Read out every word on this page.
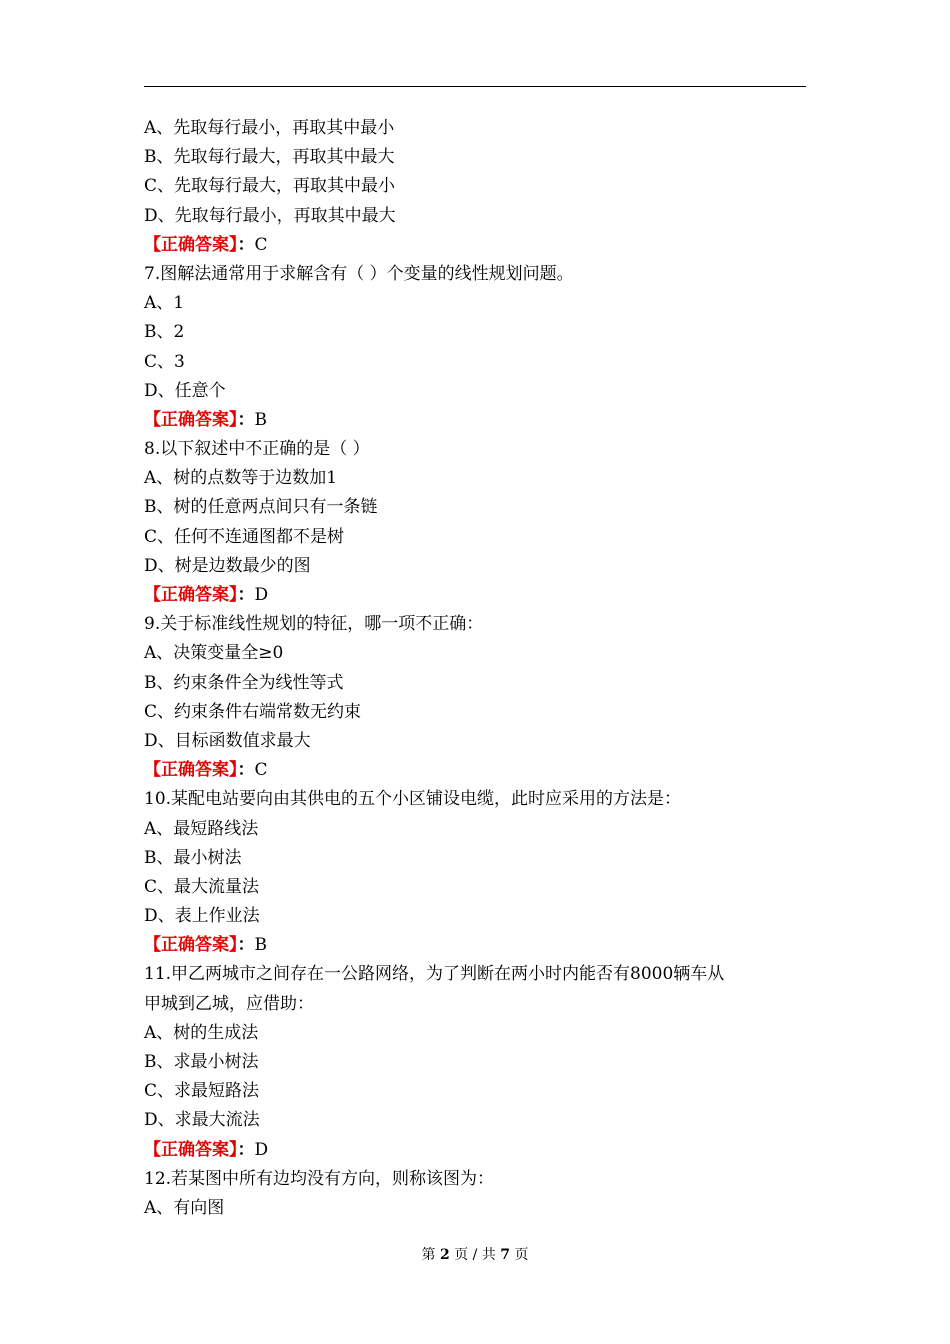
A、先取每行最小，再取其中最小
B、先取每行最大，再取其中最大
C、先取每行最大，再取其中最小
D、先取每行最小，再取其中最大
【正确答案】：C
7.图解法通常用于求解含有（ ）个变量的线性规划问题。
A、1
B、2
C、3
D、任意个
【正确答案】：B
8.以下叙述中不正确的是（ ）
A、树的点数等于边数加1
B、树的任意两点间只有一条链
C、任何不连通图都不是树
D、树是边数最少的图
【正确答案】：D
9.关于标准线性规划的特征，哪一项不正确：
A、决策变量全≥0
B、约束条件全为线性等式
C、约束条件右端常数无约束
D、目标函数值求最大
【正确答案】：C
10.某配电站要向由其供电的五个小区铺设电缆，此时应采用的方法是：
A、最短路线法
B、最小树法
C、最大流量法
D、表上作业法
【正确答案】：B
11.甲乙两城市之间存在一公路网络，为了判断在两小时内能否有8000辆车从
甲城到乙城，应借助：
A、树的生成法
B、求最小树法
C、求最短路法
D、求最大流法
【正确答案】：D
12.若某图中所有边均没有方向，则称该图为：
A、有向图
第 2 页 / 共 7 页
